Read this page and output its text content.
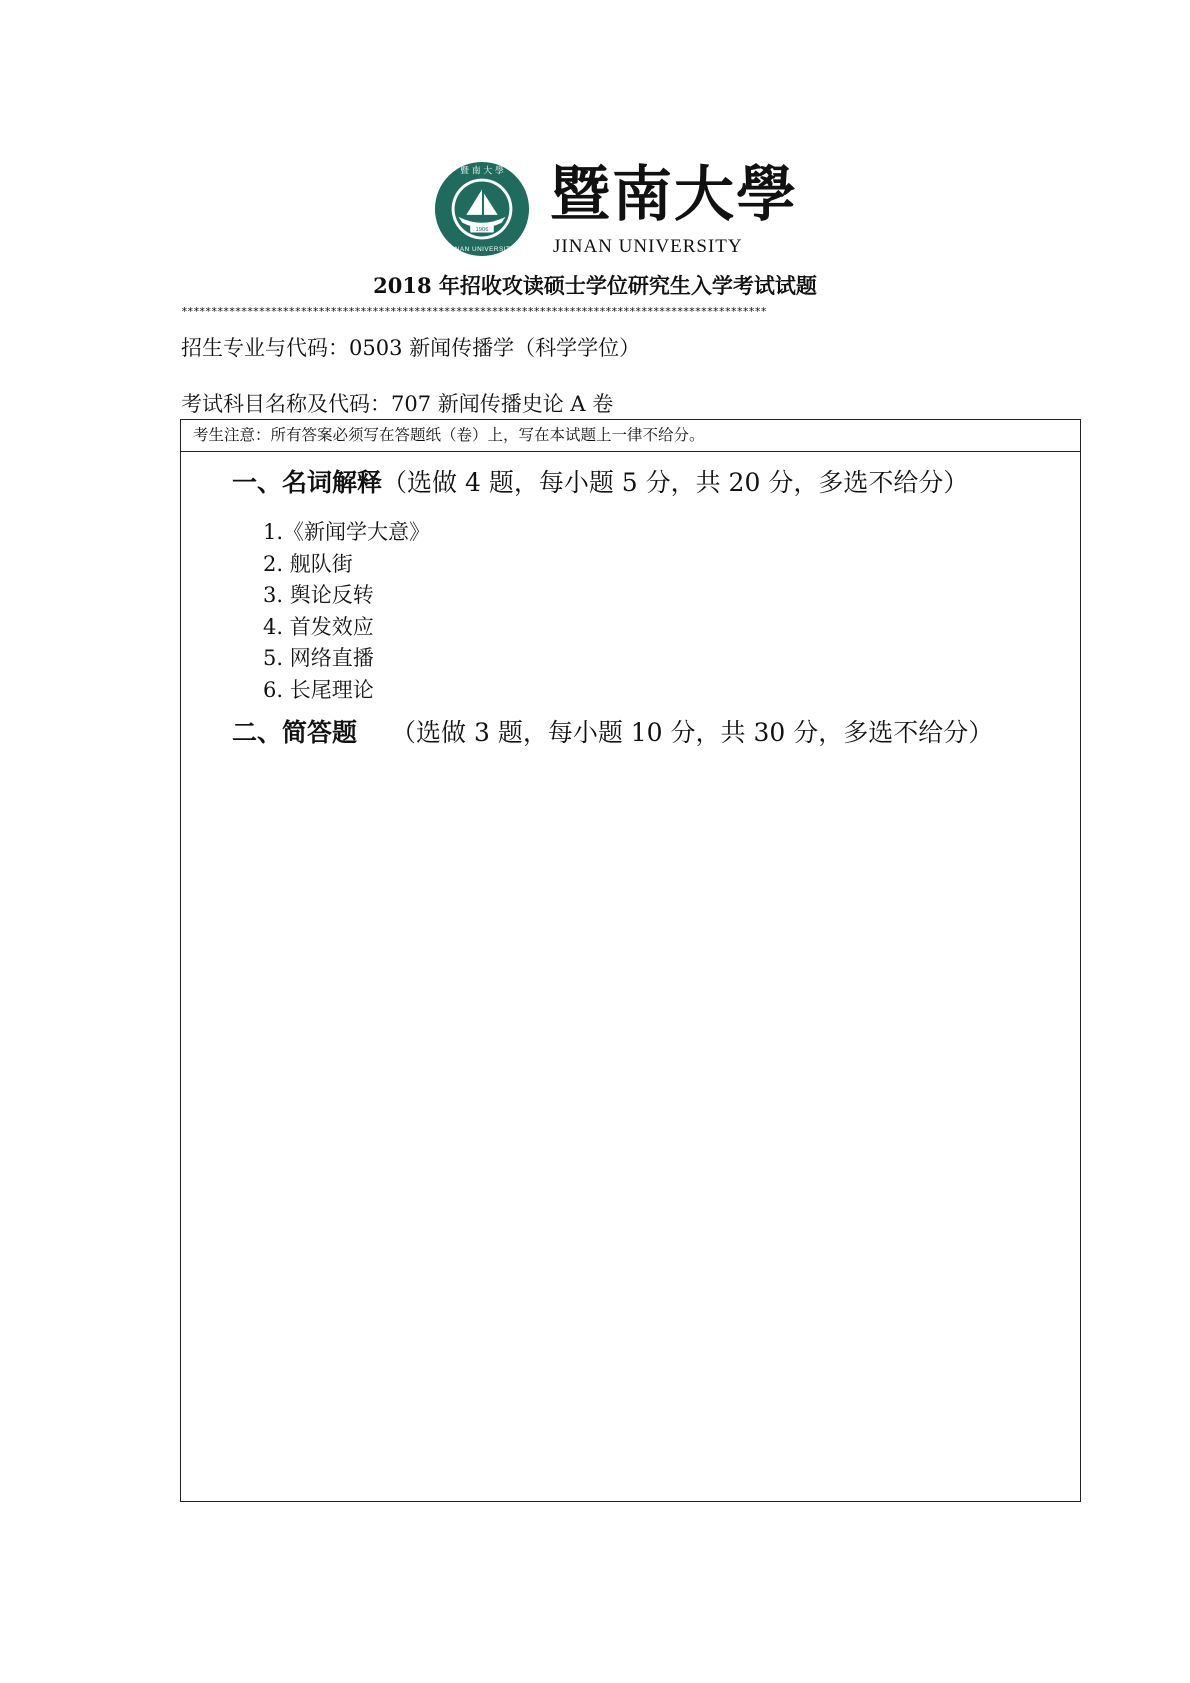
1906
暨 南 大 學
JINAN UNIVERSITY
暨南大學
JINAN UNIVERSITY
2018 年招收攻读硕士学位研究生入学考试试题
**************************************************************************************************
招生专业与代码：0503 新闻传播学（科学学位）
考试科目名称及代码：707 新闻传播史论 A 卷
考生注意：所有答案必须写在答题纸（卷）上，写在本试题上一律不给分。
一、名词解释（选做 4 题，每小题 5 分，共 20 分，多选不给分）
1.《新闻学大意》
2. 舰队街
3. 舆论反转
4. 首发效应
5. 网络直播
6. 长尾理论
二、简答题 （选做 3 题，每小题 10 分，共 30 分，多选不给分）
